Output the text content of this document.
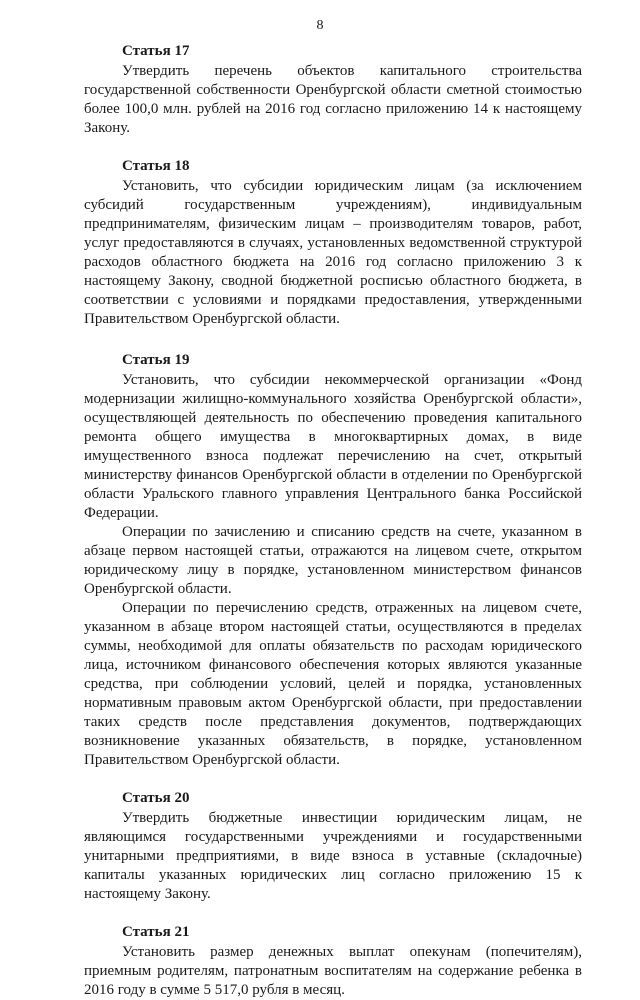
8
Статья 17

Утвердить перечень объектов капитального строительства государственной собственности Оренбургской области сметной стоимостью более 100,0 млн. рублей на 2016 год согласно приложению 14 к настоящему Закону.

Статья 18

Установить, что субсидии юридическим лицам (за исключением субсидий государственным учреждениям), индивидуальным предпринимателям, физическим лицам – производителям товаров, работ, услуг предоставляются в случаях, установленных ведомственной структурой расходов областного бюджета на 2016 год согласно приложению 3 к настоящему Закону, сводной бюджетной росписью областного бюджета, в соответствии с условиями и порядками предоставления, утвержденными Правительством Оренбургской области.

Статья 19

Установить, что субсидии некоммерческой организации «Фонд модернизации жилищно-коммунального хозяйства Оренбургской области», осуществляющей деятельность по обеспечению проведения капитального ремонта общего имущества в многоквартирных домах, в виде имущественного взноса подлежат перечислению на счет, открытый министерству финансов Оренбургской области в отделении по Оренбургской области Уральского главного управления Центрального банка Российской Федерации.

Операции по зачислению и списанию средств на счете, указанном в абзаце первом настоящей статьи, отражаются на лицевом счете, открытом юридическому лицу в порядке, установленном министерством финансов Оренбургской области.

Операции по перечислению средств, отраженных на лицевом счете, указанном в абзаце втором настоящей статьи, осуществляются в пределах суммы, необходимой для оплаты обязательств по расходам юридического лица, источником финансового обеспечения которых являются указанные средства, при соблюдении условий, целей и порядка, установленных нормативным правовым актом Оренбургской области, при предоставлении таких средств после представления документов, подтверждающих возникновение указанных обязательств, в порядке, установленном Правительством Оренбургской области.

Статья 20

Утвердить бюджетные инвестиции юридическим лицам, не являющимся государственными учреждениями и государственными унитарными предприятиями, в виде взноса в уставные (складочные) капиталы указанных юридических лиц согласно приложению 15 к настоящему Закону.

Статья 21

Установить размер денежных выплат опекунам (попечителям), приемным родителям, патронатным воспитателям на содержание ребенка в 2016 году в сумме 5 517,0 рубля в месяц.
